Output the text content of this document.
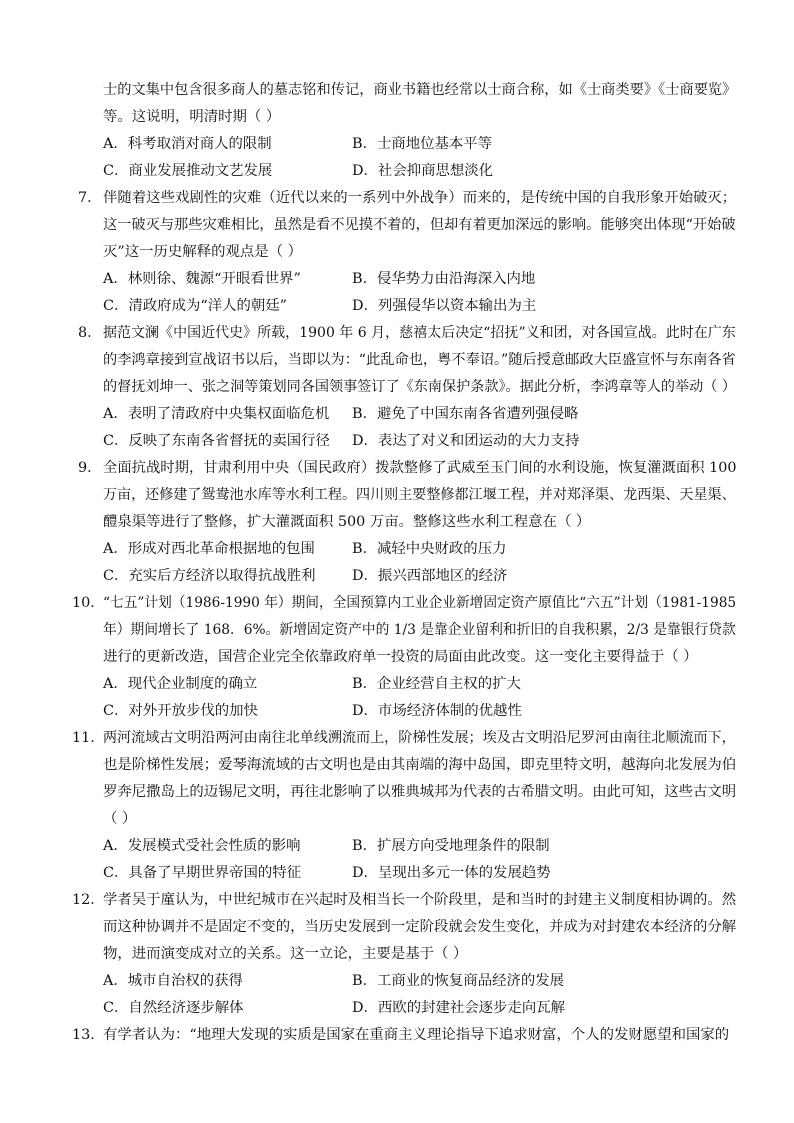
士的文集中包含很多商人的墓志铭和传记，商业书籍也经常以士商合称，如《士商类要》《士商要览》
等。这说明，明清时期（ ）
A．科考取消对商人的限制	B．士商地位基本平等
C．商业发展推动文艺发展	D．社会抑商思想淡化
7． 伴随着这些戏剧性的灾难（近代以来的一系列中外战争）而来的，是传统中国的自我形象开始破灭；
这一破灭与那些灾难相比，虽然是看不见摸不着的，但却有着更加深远的影响。能够突出体现“开始破
灭”这一历史解释的观点是（ ）
A．林则徐、魏源“开眼看世界”	B．侵华势力由沿海深入内地
C．清政府成为“洋人的朝廷”	D．列强侵华以资本输出为主
8． 据范文澜《中国近代史》所载，1900 年 6 月，慈禧太后决定“招抚”义和团，对各国宣战。此时在广东
的李鸿章接到宣战诏书以后，当即以为：“此乱命也，粤不奉诏。”随后授意邮政大臣盛宣怀与东南各省
的督抚刘坤一、张之洞等策划同各国领事签订了《东南保护条款》。据此分析，李鸿章等人的举动（ ）
A．表明了清政府中央集权面临危机 B．避免了中国东南各省遭列强侵略
C．反映了东南各省督抚的卖国行径 D．表达了对义和团运动的大力支持
9． 全面抗战时期，甘肃利用中央（国民政府）拨款整修了武威至玉门间的水利设施，恢复灌溉面积 100
万亩，还修建了鸳鸯池水库等水利工程。四川则主要整修都江堰工程，并对郑泽渠、龙西渠、天星渠、
醴泉渠等进行了整修，扩大灌溉面积 500 万亩。整修这些水利工程意在（ ）
A．形成对西北革命根据地的包围	B．减轻中央财政的压力
C．充实后方经济以取得抗战胜利	D．振兴西部地区的经济
10．
“七五”计划（1986-1990 年）期间，全国预算内工业企业新增固定资产原值比“六五”计划（1981-1985
年）期间增长了 168．6%。新增固定资产中的 1/3 是靠企业留利和折旧的自我积累，2/3 是靠银行贷款
进行的更新改造，国营企业完全依靠政府单一投资的局面由此改变。这一变化主要得益于（ ）
A．现代企业制度的确立	B．企业经营自主权的扩大
C．对外开放步伐的加快	D．市场经济体制的优越性
11．
两河流域古文明沿两河由南往北单线溯流而上，阶梯性发展；埃及古文明沿尼罗河由南往北顺流而下，
也是阶梯性发展；爱琴海流域的古文明也是由其南端的海中岛国，即克里特文明，越海向北发展为伯
罗奔尼撒岛上的迈锡尼文明，再往北影响了以雅典城邦为代表的古希腊文明。由此可知，这些古文明
（ ）
A．发展模式受社会性质的影响	B．扩展方向受地理条件的限制
C．具备了早期世界帝国的特征	D．呈现出多元一体的发展趋势
12．
学者吴于廑认为，中世纪城市在兴起时及相当长一个阶段里，是和当时的封建主义制度相协调的。然
而这种协调并不是固定不变的，当历史发展到一定阶段就会发生变化，并成为对封建农本经济的分解
物，进而演变成对立的关系。这一立论，主要是基于（ ）
A．城市自治权的获得	B．工商业的恢复商品经济的发展
C．自然经济逐步解体	D．西欧的封建社会逐步走向瓦解
13．
有学者认为：“地理大发现的实质是国家在重商主义理论指导下追求财富，个人的发财愿望和国家的
